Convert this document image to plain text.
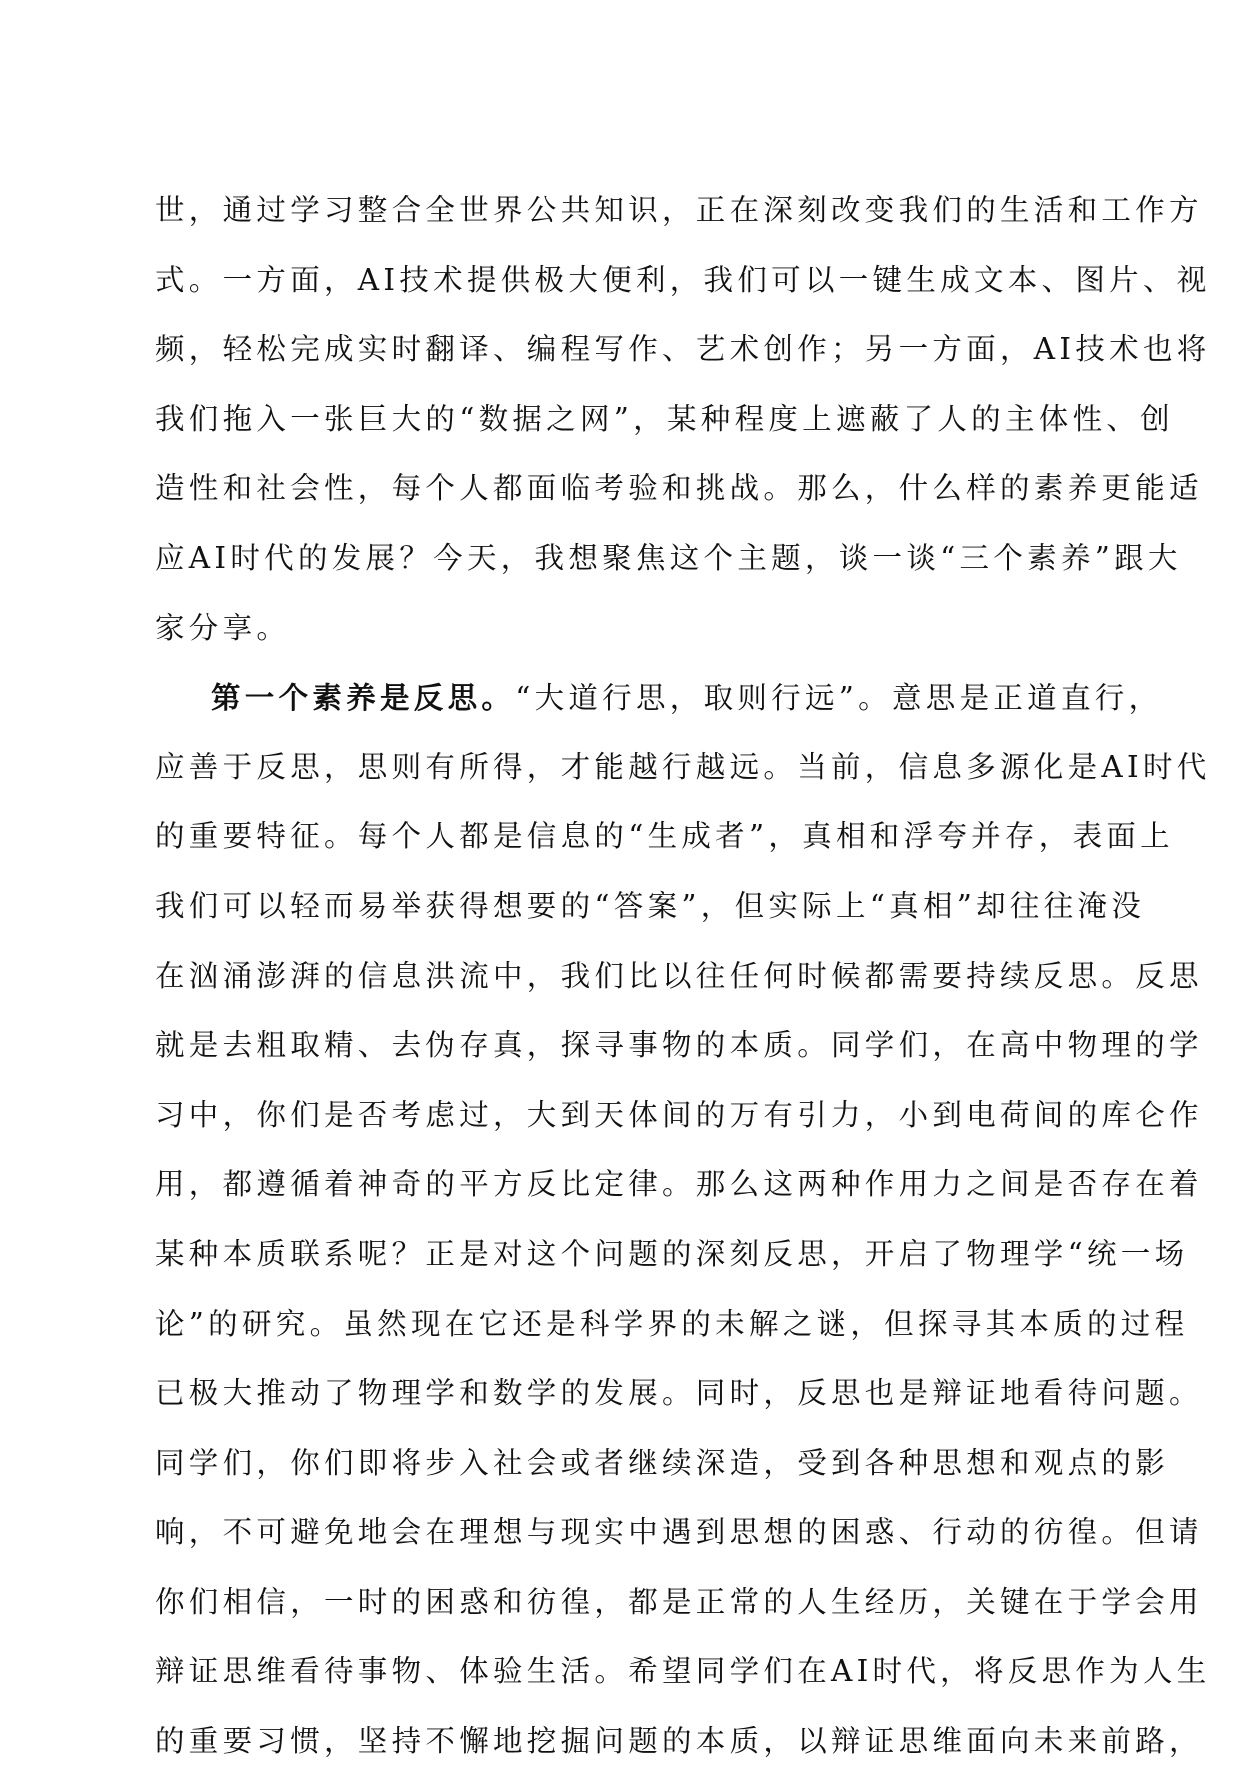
世，通过学习整合全世界公共知识，正在深刻改变我们的生活和工作方
式。一方面，AI技术提供极大便利，我们可以一键生成文本、图片、视
频，轻松完成实时翻译、编程写作、艺术创作；另一方面，AI技术也将
我们拖入一张巨大的“数据之网”，某种程度上遮蔽了人的主体性、创
造性和社会性，每个人都面临考验和挑战。那么，什么样的素养更能适
应AI时代的发展？今天，我想聚焦这个主题，谈一谈“三个素养”跟大
家分享。
第一个素养是反思。“大道行思，取则行远”。意思是正道直行，
应善于反思，思则有所得，才能越行越远。当前，信息多源化是AI时代
的重要特征。每个人都是信息的“生成者”，真相和浮夸并存，表面上
我们可以轻而易举获得想要的“答案”，但实际上“真相”却往往淹没
在汹涌澎湃的信息洪流中，我们比以往任何时候都需要持续反思。反思
就是去粗取精、去伪存真，探寻事物的本质。同学们，在高中物理的学
习中，你们是否考虑过，大到天体间的万有引力，小到电荷间的库仑作
用，都遵循着神奇的平方反比定律。那么这两种作用力之间是否存在着
某种本质联系呢？正是对这个问题的深刻反思，开启了物理学“统一场
论”的研究。虽然现在它还是科学界的未解之谜，但探寻其本质的过程
已极大推动了物理学和数学的发展。同时，反思也是辩证地看待问题。
同学们，你们即将步入社会或者继续深造，受到各种思想和观点的影
响，不可避免地会在理想与现实中遇到思想的困惑、行动的彷徨。但请
你们相信，一时的困惑和彷徨，都是正常的人生经历，关键在于学会用
辩证思维看待事物、体验生活。希望同学们在AI时代，将反思作为人生
的重要习惯，坚持不懈地挖掘问题的本质，以辩证思维面向未来前路，
